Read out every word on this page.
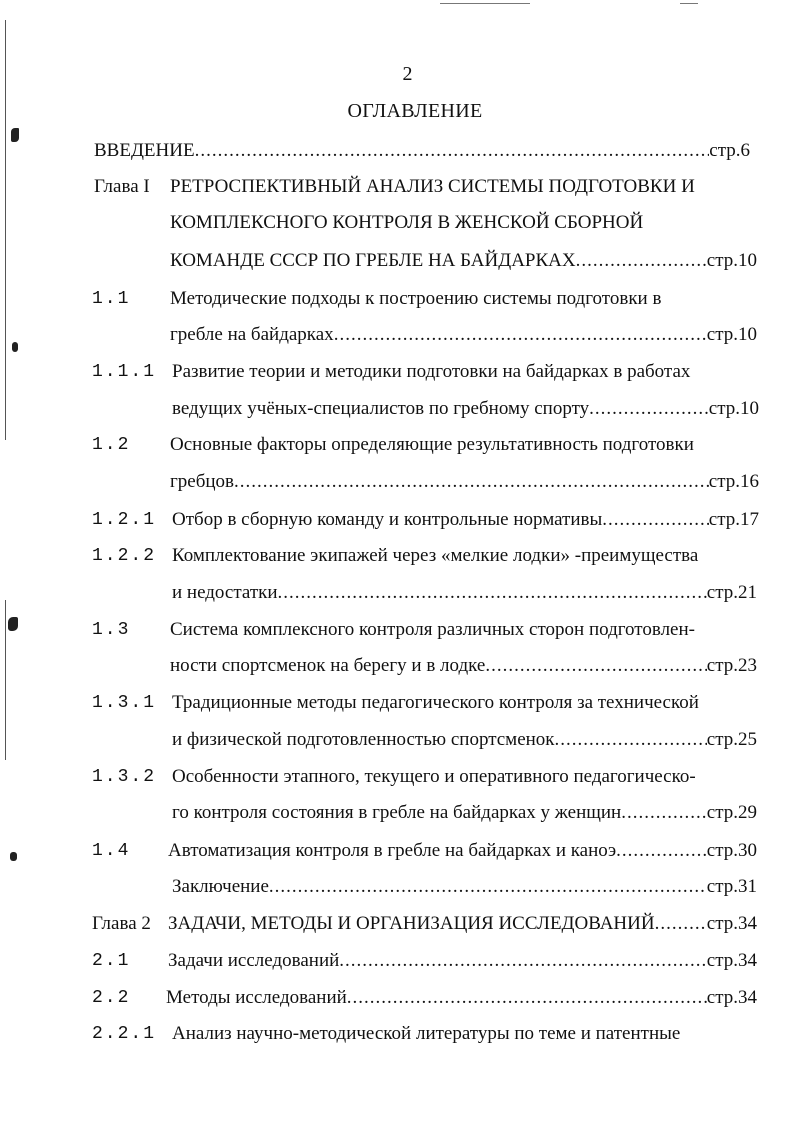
2
ОГЛАВЛЕНИЕ
ВВЕДЕНИЕ .....	стр.6
Глава I РЕТРОСПЕКТИВНЫЙ АНАЛИЗ СИСТЕМЫ ПОДГОТОВКИ И
КОМПЛЕКСНОГО КОНТРОЛЯ В ЖЕНСКОЙ СБОРНОЙ
КОМАНДЕ СССР ПО ГРЕБЛЕ НА БАЙДАРКАХ .....	стр.10
1.1 Методические подходы к построению системы подготовки в
гребле на байдарках .....	стр.10
1.1.1 Развитие теории и методики подготовки на байдарках в работах
ведущих учёных-специалистов по гребному спорту .....	стр.10
1.2 Основные факторы определяющие результативность подготовки
гребцов .....	стр.16
1.2.1 Отбор в сборную команду и контрольные нормативы .....	стр.17
1.2.2 Комплектование экипажей через «мелкие лодки» -преимущества
и недостатки .....	стр.21
1.3 Система комплексного контроля различных сторон подготовлен-
ности спортсменок на берегу и в лодке .....	стр.23
1.3.1 Традиционные методы педагогического контроля за технической
и физической подготовленностью спортсменок .....	стр.25
1.3.2 Особенности этапного, текущего и оперативного педагогическо-
го контроля состояния в гребле на байдарках у женщин .....	стр.29
1.4 Автоматизация контроля в гребле на байдарках и каноэ .....	стр.30
Заключение .....	стр.31
Глава 2 ЗАДАЧИ, МЕТОДЫ И ОРГАНИЗАЦИЯ ИССЛЕДОВАНИЙ .....	стр.34
2.1 Задачи исследований .....	стр.34
2.2 Методы исследований .....	стр.34
2.2.1 Анализ научно-методической литературы по теме и патентные
